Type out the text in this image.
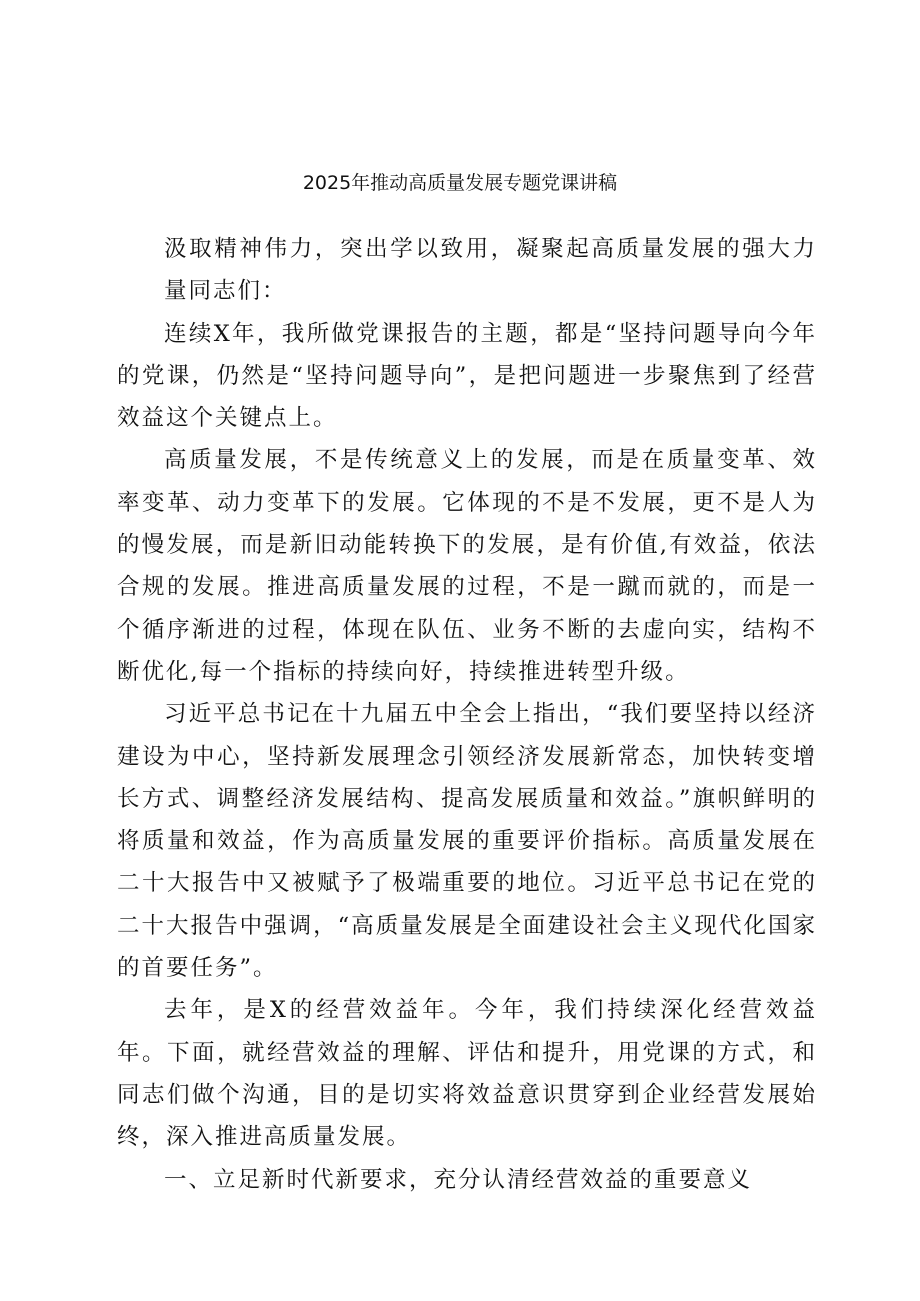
2025年推动高质量发展专题党课讲稿

汲取精神伟力，突出学以致用，凝聚起高质量发展的强大力量同志们：

连续X年，我所做党课报告的主题，都是“坚持问题导向今年的党课，仍然是“坚持问题导向”，是把问题进一步聚焦到了经营效益这个关键点上。

高质量发展，不是传统意义上的发展，而是在质量变革、效率变革、动力变革下的发展。它体现的不是不发展，更不是人为的慢发展，而是新旧动能转换下的发展，是有价值,有效益，依法合规的发展。推进高质量发展的过程，不是一蹴而就的，而是一个循序渐进的过程，体现在队伍、业务不断的去虚向实，结构不断优化,每一个指标的持续向好，持续推进转型升级。

习近平总书记在十九届五中全会上指出，“我们要坚持以经济建设为中心，坚持新发展理念引领经济发展新常态，加快转变增长方式、调整经济发展结构、提高发展质量和效益。”旗帜鲜明的将质量和效益，作为高质量发展的重要评价指标。高质量发展在二十大报告中又被赋予了极端重要的地位。习近平总书记在党的二十大报告中强调，“高质量发展是全面建设社会主义现代化国家的首要任务”。

去年，是X的经营效益年。今年，我们持续深化经营效益年。下面，就经营效益的理解、评估和提升，用党课的方式，和同志们做个沟通，目的是切实将效益意识贯穿到企业经营发展始终，深入推进高质量发展。

一、立足新时代新要求，充分认清经营效益的重要意义
